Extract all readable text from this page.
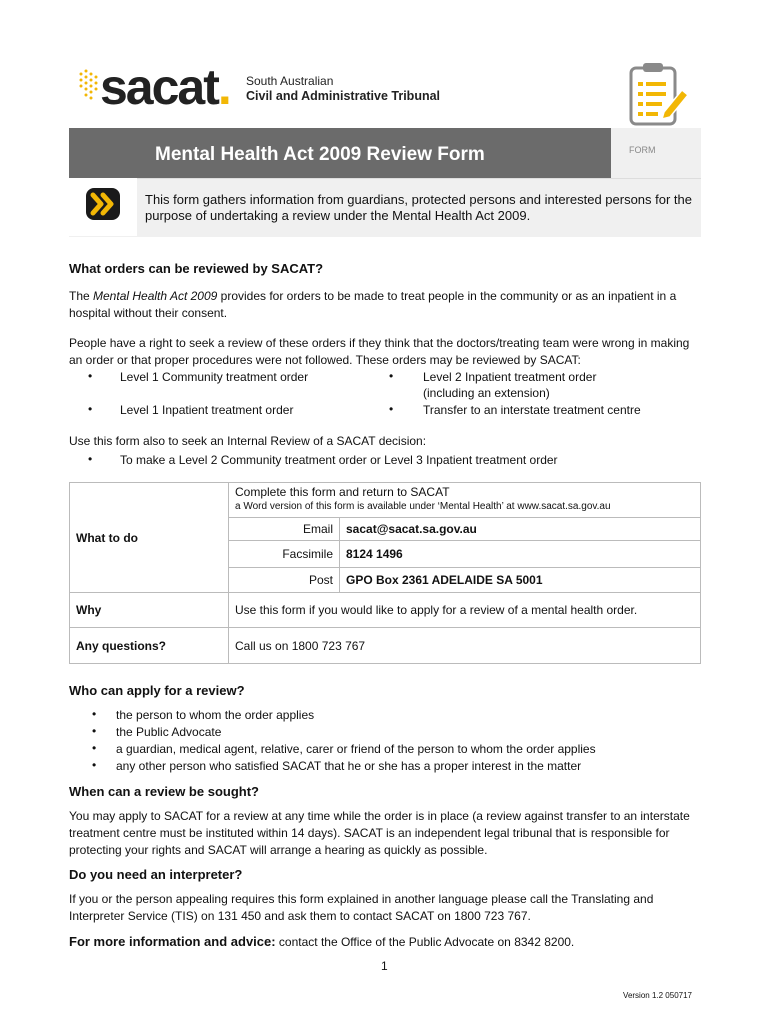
sacat. South Australian
Civil and Administrative Tribunal
FORM
Mental Health Act 2009 Review Form
This form gathers information from guardians, protected persons and interested persons for the purpose of undertaking a review under the Mental Health Act 2009.
What orders can be reviewed by SACAT?
The Mental Health Act 2009 provides for orders to be made to treat people in the community or as an inpatient in a hospital without their consent.
People have a right to seek a review of these orders if they think that the doctors/treating team were wrong in making an order or that proper procedures were not followed. These orders may be reviewed by SACAT:
• Level 1 Community treatment order	• Level 2 Inpatient treatment order
(including an extension)
• Level 1 Inpatient treatment order	• Transfer to an interstate treatment centre
Use this form also to seek an Internal Review of a SACAT decision:
• To make a Level 2 Community treatment order or Level 3 Inpatient treatment order
What to do	Complete this form and return to SACAT
a Word version of this form is available under ‘Mental Health’ at www.sacat.sa.gov.au	

	Email	sacat@sacat.sa.gov.au
	Facsimile	8124 1496
	Post	GPO Box 2361 ADELAIDE SA 5001
Why	Use this form if you would like to apply for a review of a mental health order.	
Any questions?	Call us on 1800 723 767	
Who can apply for a review?
• the person to whom the order applies
• the Public Advocate
• a guardian, medical agent, relative, carer or friend of the person to whom the order applies
• any other person who satisfied SACAT that he or she has a proper interest in the matter
When can a review be sought?
You may apply to SACAT for a review at any time while the order is in place (a review against transfer to an interstate treatment centre must be instituted within 14 days). SACAT is an independent legal tribunal that is responsible for protecting your rights and SACAT will arrange a hearing as quickly as possible.
Do you need an interpreter?
If you or the person appealing requires this form explained in another language please call the Translating and Interpreter Service (TIS) on 131 450 and ask them to contact SACAT on 1800 723 767.
For more information and advice: contact the Office of the Public Advocate on 8342 8200.
1
Version 1.2 050717
